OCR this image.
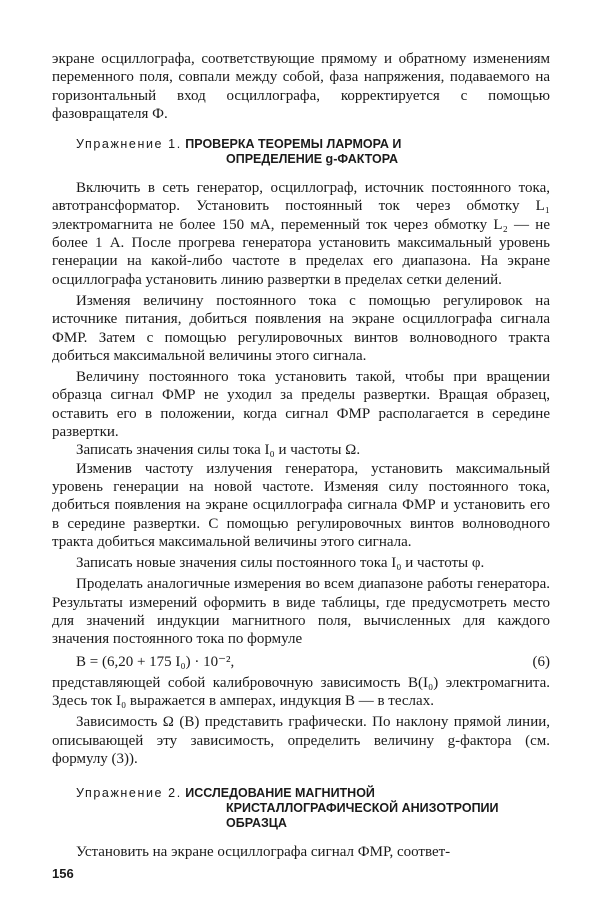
экране осциллографа, соответствующие прямому и обратному изменениям переменного поля, совпали между собой, фаза напряжения, подаваемого на горизонтальный вход осциллографа, корректируется с помощью фазовращателя Ф.

Упражнение 1. ПРОВЕРКА ТЕОРЕМЫ ЛАРМОРА И
ОПРЕДЕЛЕНИЕ g-ФАКТОРА

Включить в сеть генератор, осциллограф, источник постоянного тока, автотрансформатор. Установить постоянный ток через обмотку L₁ электромагнита не более 150 мА, переменный ток через обмотку L₂ — не более 1 А. После прогрева генератора установить максимальный уровень генерации на какой-либо частоте в пределах его диапазона. На экране осциллографа установить линию развертки в пределах сетки делений.

Изменяя величину постоянного тока с помощью регулировок на источнике питания, добиться появления на экране осциллографа сигнала ФМР. Затем с помощью регулировочных винтов волноводного тракта добиться максимальной величины этого сигнала.

Величину постоянного тока установить такой, чтобы при вращении образца сигнал ФМР не уходил за пределы развертки. Вращая образец, оставить его в положении, когда сигнал ФМР располагается в середине развертки.

Записать значения силы тока I₀ и частоты Ω.

Изменив частоту излучения генератора, установить максимальный уровень генерации на новой частоте. Изменяя силу постоянного тока, добиться появления на экране осциллографа сигнала ФМР и установить его в середине развертки. С помощью регулировочных винтов волноводного тракта добиться максимальной величины этого сигнала.

Записать новые значения силы постоянного тока I₀ и частоты φ.

Проделать аналогичные измерения во всем диапазоне работы генератора. Результаты измерений оформить в виде таблицы, где предусмотреть место для значений индукции магнитного поля, вычисленных для каждого значения постоянного тока по формуле

B = (6,20 + 175 I₀) · 10⁻²,	(6)

представляющей собой калибровочную зависимость B(I₀) электромагнита. Здесь ток I₀ выражается в амперах, индукция B — в теслах.

Зависимость Ω (B) представить графически. По наклону прямой линии, описывающей эту зависимость, определить величину g-фактора (см. формулу (3)).

Упражнение 2. ИССЛЕДОВАНИЕ МАГНИТНОЙ
КРИСТАЛЛОГРАФИЧЕСКОЙ АНИЗОТРОПИИ
ОБРАЗЦА

Установить на экране осциллографа сигнал ФМР, соответ-

156
